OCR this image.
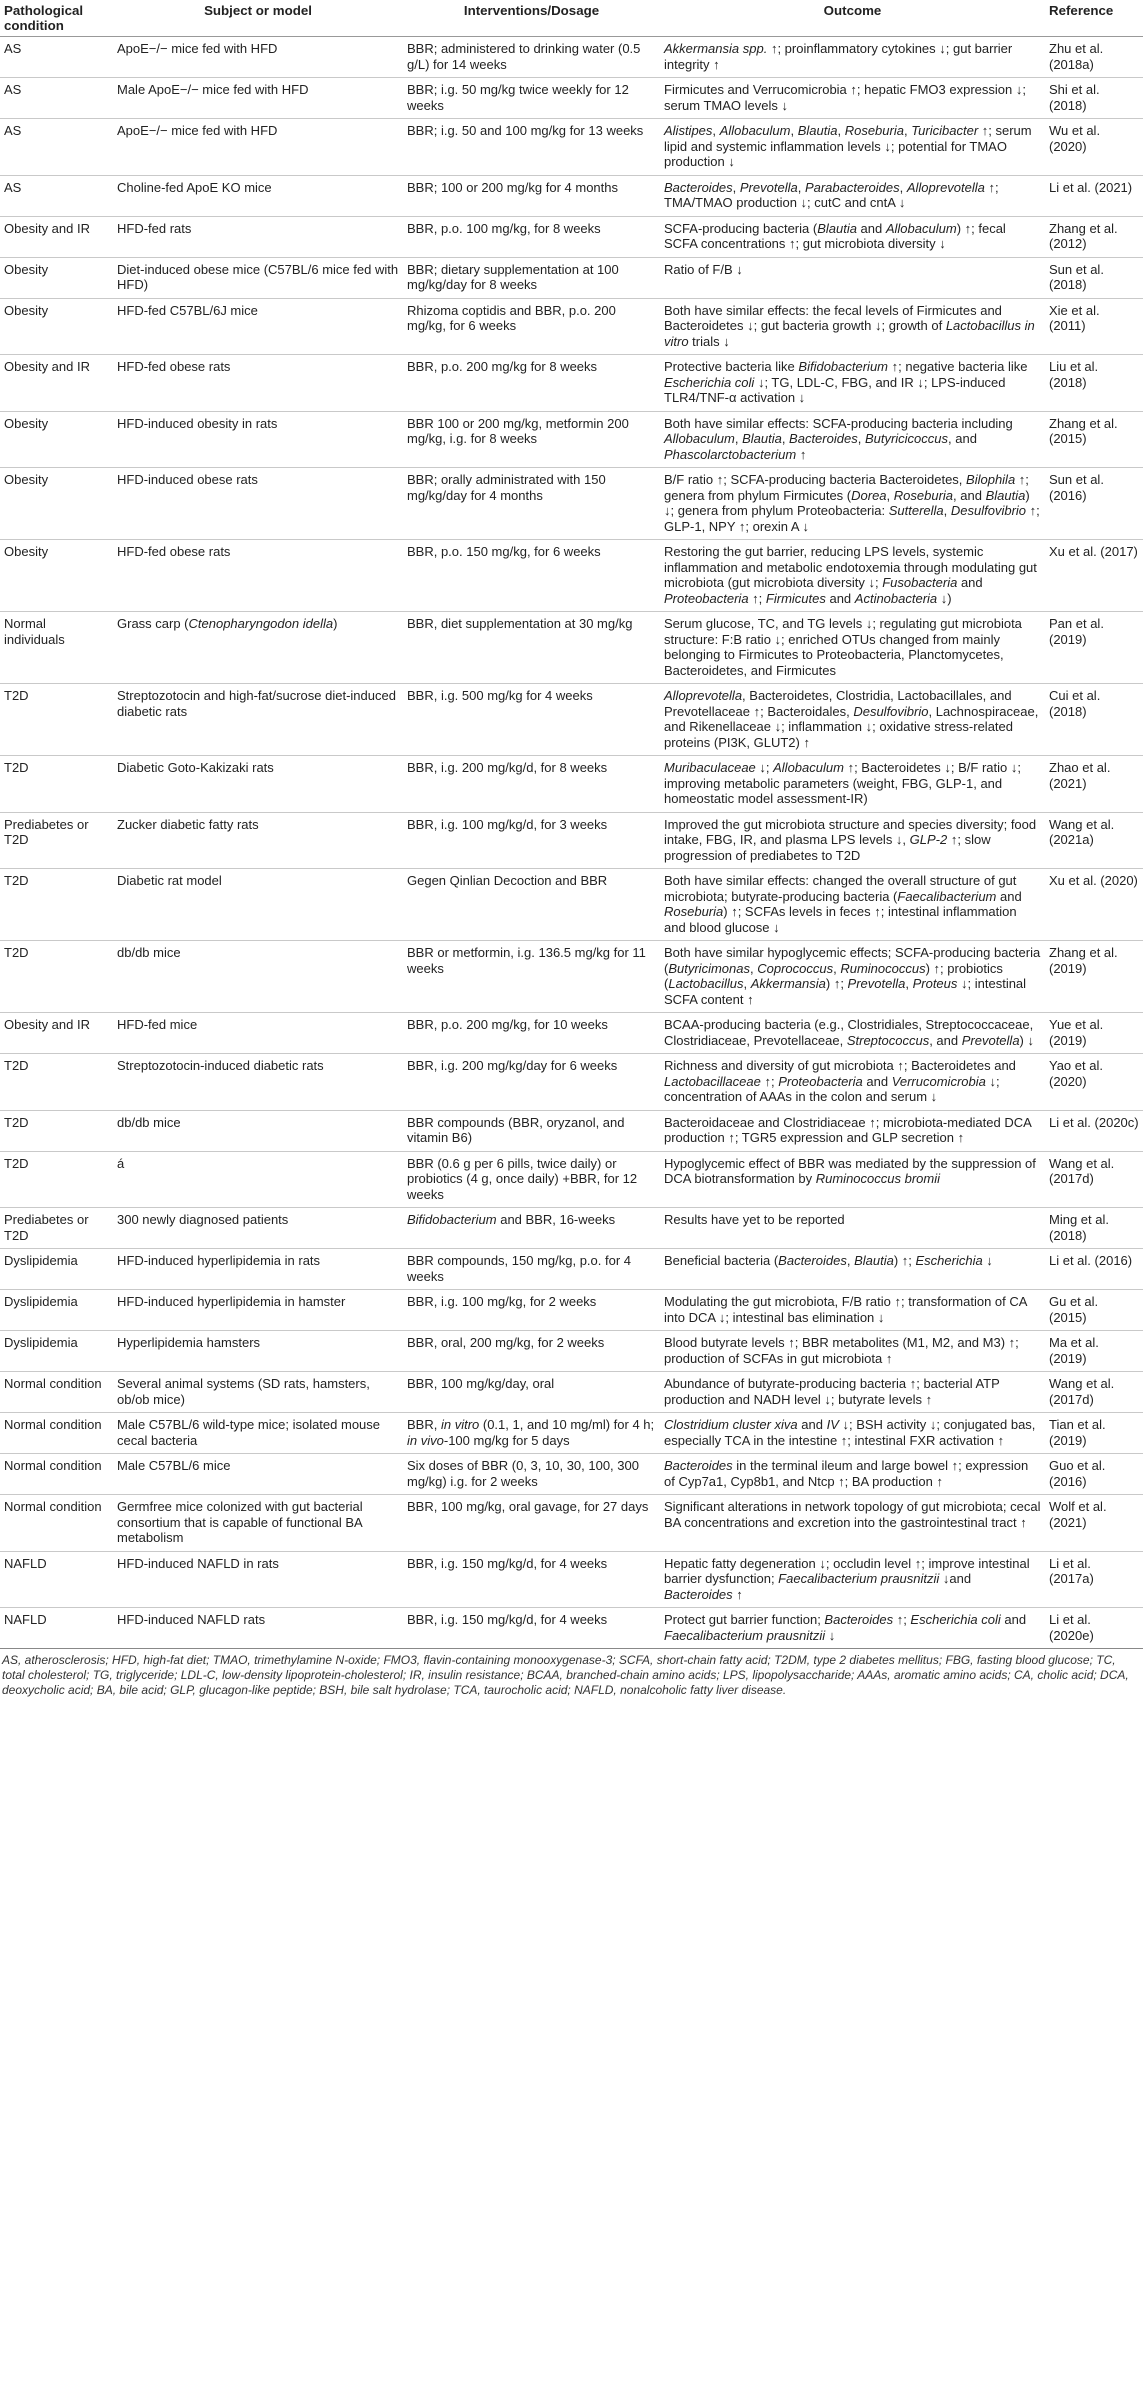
Pathological condition	Subject or model	Interventions/Dosage	Outcome	Reference
AS	ApoE−/− mice fed with HFD	BBR; administered to drinking water (0.5 g/L) for 14 weeks	Akkermansia spp. ↑; proinflammatory cytokines ↓; gut barrier integrity ↑	Zhu et al. (2018a)
AS	Male ApoE−/− mice fed with HFD	BBR; i.g. 50 mg/kg twice weekly for 12 weeks	Firmicutes and Verrucomicrobia ↑; hepatic FMO3 expression ↓; serum TMAO levels ↓	Shi et al. (2018)
AS	ApoE−/− mice fed with HFD	BBR; i.g. 50 and 100 mg/kg for 13 weeks	Alistipes, Allobaculum, Blautia, Roseburia, Turicibacter ↑; serum lipid and systemic inflammation levels ↓; potential for TMAO production ↓	Wu et al. (2020)
AS	Choline-fed ApoE KO mice	BBR; 100 or 200 mg/kg for 4 months	Bacteroides, Prevotella, Parabacteroides, Alloprevotella ↑; TMA/TMAO production ↓; cutC and cntA ↓	Li et al. (2021)
Obesity and IR	HFD-fed rats	BBR, p.o. 100 mg/kg, for 8 weeks	SCFA-producing bacteria (Blautia and Allobaculum) ↑; fecal SCFA concentrations ↑; gut microbiota diversity ↓	Zhang et al. (2012)
Obesity	Diet-induced obese mice (C57BL/6 mice fed with HFD)	BBR; dietary supplementation at 100 mg/kg/day for 8 weeks	Ratio of F/B ↓	Sun et al. (2018)
Obesity	HFD-fed C57BL/6J mice	Rhizoma coptidis and BBR, p.o. 200 mg/kg, for 6 weeks	Both have similar effects: the fecal levels of Firmicutes and Bacteroidetes ↓; gut bacteria growth ↓; growth of Lactobacillus in vitro trials ↓	Xie et al. (2011)
Obesity and IR	HFD-fed obese rats	BBR, p.o. 200 mg/kg for 8 weeks	Protective bacteria like Bifidobacterium ↑; negative bacteria like Escherichia coli ↓; TG, LDL-C, FBG, and IR ↓; LPS-induced TLR4/TNF-α activation ↓	Liu et al. (2018)
Obesity	HFD-induced obesity in rats	BBR 100 or 200 mg/kg, metformin 200 mg/kg, i.g. for 8 weeks	Both have similar effects: SCFA-producing bacteria including Allobaculum, Blautia, Bacteroides, Butyricicoccus, and Phascolarctobacterium ↑	Zhang et al. (2015)
Obesity	HFD-induced obese rats	BBR; orally administrated with 150 mg/kg/day for 4 months	B/F ratio ↑; SCFA-producing bacteria Bacteroidetes, Bilophila ↑; genera from phylum Firmicutes (Dorea, Roseburia, and Blautia) ↓; genera from phylum Proteobacteria: Sutterella, Desulfovibrio ↑; GLP-1, NPY ↑; orexin A ↓	Sun et al. (2016)
Obesity	HFD-fed obese rats	BBR, p.o. 150 mg/kg, for 6 weeks	Restoring the gut barrier, reducing LPS levels, systemic inflammation and metabolic endotoxemia through modulating gut microbiota (gut microbiota diversity ↓; Fusobacteria and Proteobacteria ↑; Firmicutes and Actinobacteria ↓)	Xu et al. (2017)
Normal individuals	Grass carp (Ctenopharyngodon idella)	BBR, diet supplementation at 30 mg/kg	Serum glucose, TC, and TG levels ↓; regulating gut microbiota structure: F:B ratio ↓; enriched OTUs changed from mainly belonging to Firmicutes to Proteobacteria, Planctomycetes, Bacteroidetes, and Firmicutes	Pan et al. (2019)
T2D	Streptozotocin and high-fat/sucrose diet-induced diabetic rats	BBR, i.g. 500 mg/kg for 4 weeks	Alloprevotella, Bacteroidetes, Clostridia, Lactobacillales, and Prevotellaceae ↑; Bacteroidales, Desulfovibrio, Lachnospiraceae, and Rikenellaceae ↓; inflammation ↓; oxidative stress-related proteins (PI3K, GLUT2) ↑	Cui et al. (2018)
T2D	Diabetic Goto-Kakizaki rats	BBR, i.g. 200 mg/kg/d, for 8 weeks	Muribaculaceae ↓; Allobaculum ↑; Bacteroidetes ↓; B/F ratio ↓; improving metabolic parameters (weight, FBG, GLP-1, and homeostatic model assessment-IR)	Zhao et al. (2021)
Prediabetes or T2D	Zucker diabetic fatty rats	BBR, i.g. 100 mg/kg/d, for 3 weeks	Improved the gut microbiota structure and species diversity; food intake, FBG, IR, and plasma LPS levels ↓, GLP-2 ↑; slow progression of prediabetes to T2D	Wang et al. (2021a)
T2D	Diabetic rat model	Gegen Qinlian Decoction and BBR	Both have similar effects: changed the overall structure of gut microbiota; butyrate-producing bacteria (Faecalibacterium and Roseburia) ↑; SCFAs levels in feces ↑; intestinal inflammation and blood glucose ↓	Xu et al. (2020)
T2D	db/db mice	BBR or metformin, i.g. 136.5 mg/kg for 11 weeks	Both have similar hypoglycemic effects; SCFA-producing bacteria (Butyricimonas, Coprococcus, Ruminococcus) ↑; probiotics (Lactobacillus, Akkermansia) ↑; Prevotella, Proteus ↓; intestinal SCFA content ↑	Zhang et al. (2019)
Obesity and IR	HFD-fed mice	BBR, p.o. 200 mg/kg, for 10 weeks	BCAA-producing bacteria (e.g., Clostridiales, Streptococcaceae, Clostridiaceae, Prevotellaceae, Streptococcus, and Prevotella) ↓	Yue et al. (2019)
T2D	Streptozotocin-induced diabetic rats	BBR, i.g. 200 mg/kg/day for 6 weeks	Richness and diversity of gut microbiota ↑; Bacteroidetes and Lactobacillaceae ↑; Proteobacteria and Verrucomicrobia ↓; concentration of AAAs in the colon and serum ↓	Yao et al. (2020)
T2D	db/db mice	BBR compounds (BBR, oryzanol, and vitamin B6)	Bacteroidaceae and Clostridiaceae ↑; microbiota-mediated DCA production ↑; TGR5 expression and GLP secretion ↑	Li et al. (2020c)
T2D	á	BBR (0.6 g per 6 pills, twice daily) or probiotics (4 g, once daily) +BBR, for 12 weeks	Hypoglycemic effect of BBR was mediated by the suppression of DCA biotransformation by Ruminococcus bromii	Wang et al. (2017d)
Prediabetes or T2D	300 newly diagnosed patients	Bifidobacterium and BBR, 16-weeks	Results have yet to be reported	Ming et al. (2018)
Dyslipidemia	HFD-induced hyperlipidemia in rats	BBR compounds, 150 mg/kg, p.o. for 4 weeks	Beneficial bacteria (Bacteroides, Blautia) ↑; Escherichia ↓	Li et al. (2016)
Dyslipidemia	HFD-induced hyperlipidemia in hamster	BBR, i.g. 100 mg/kg, for 2 weeks	Modulating the gut microbiota, F/B ratio ↑; transformation of CA into DCA ↓; intestinal bas elimination ↓	Gu et al. (2015)
Dyslipidemia	Hyperlipidemia hamsters	BBR, oral, 200 mg/kg, for 2 weeks	Blood butyrate levels ↑; BBR metabolites (M1, M2, and M3) ↑; production of SCFAs in gut microbiota ↑	Ma et al. (2019)
Normal condition	Several animal systems (SD rats, hamsters, ob/ob mice)	BBR, 100 mg/kg/day, oral	Abundance of butyrate-producing bacteria ↑; bacterial ATP production and NADH level ↓; butyrate levels ↑	Wang et al. (2017d)
Normal condition	Male C57BL/6 wild-type mice; isolated mouse cecal bacteria	BBR, in vitro (0.1, 1, and 10 mg/ml) for 4 h; in vivo-100 mg/kg for 5 days	Clostridium cluster xiva and IV ↓; BSH activity ↓; conjugated bas, especially TCA in the intestine ↑; intestinal FXR activation ↑	Tian et al. (2019)
Normal condition	Male C57BL/6 mice	Six doses of BBR (0, 3, 10, 30, 100, 300 mg/kg) i.g. for 2 weeks	Bacteroides in the terminal ileum and large bowel ↑; expression of Cyp7a1, Cyp8b1, and Ntcp ↑; BA production ↑	Guo et al. (2016)
Normal condition	Germfree mice colonized with gut bacterial consortium that is capable of functional BA metabolism	BBR, 100 mg/kg, oral gavage, for 27 days	Significant alterations in network topology of gut microbiota; cecal BA concentrations and excretion into the gastrointestinal tract ↑	Wolf et al. (2021)
NAFLD	HFD-induced NAFLD in rats	BBR, i.g. 150 mg/kg/d, for 4 weeks	Hepatic fatty degeneration ↓; occludin level ↑; improve intestinal barrier dysfunction; Faecalibacterium prausnitzii ↓and Bacteroides ↑	Li et al. (2017a)
NAFLD	HFD-induced NAFLD rats	BBR, i.g. 150 mg/kg/d, for 4 weeks	Protect gut barrier function; Bacteroides ↑; Escherichia coli and Faecalibacterium prausnitzii ↓	Li et al. (2020e)
AS, atherosclerosis; HFD, high-fat diet; TMAO, trimethylamine N-oxide; FMO3, flavin-containing monooxygenase-3; SCFA, short-chain fatty acid; T2DM, type 2 diabetes mellitus; FBG, fasting blood glucose; TC, total cholesterol; TG, triglyceride; LDL-C, low-density lipoprotein-cholesterol; IR, insulin resistance; BCAA, branched-chain amino acids; LPS, lipopolysaccharide; AAAs, aromatic amino acids; CA, cholic acid; DCA, deoxycholic acid; BA, bile acid; GLP, glucagon-like peptide; BSH, bile salt hydrolase; TCA, taurocholic acid; NAFLD, nonalcoholic fatty liver disease.
